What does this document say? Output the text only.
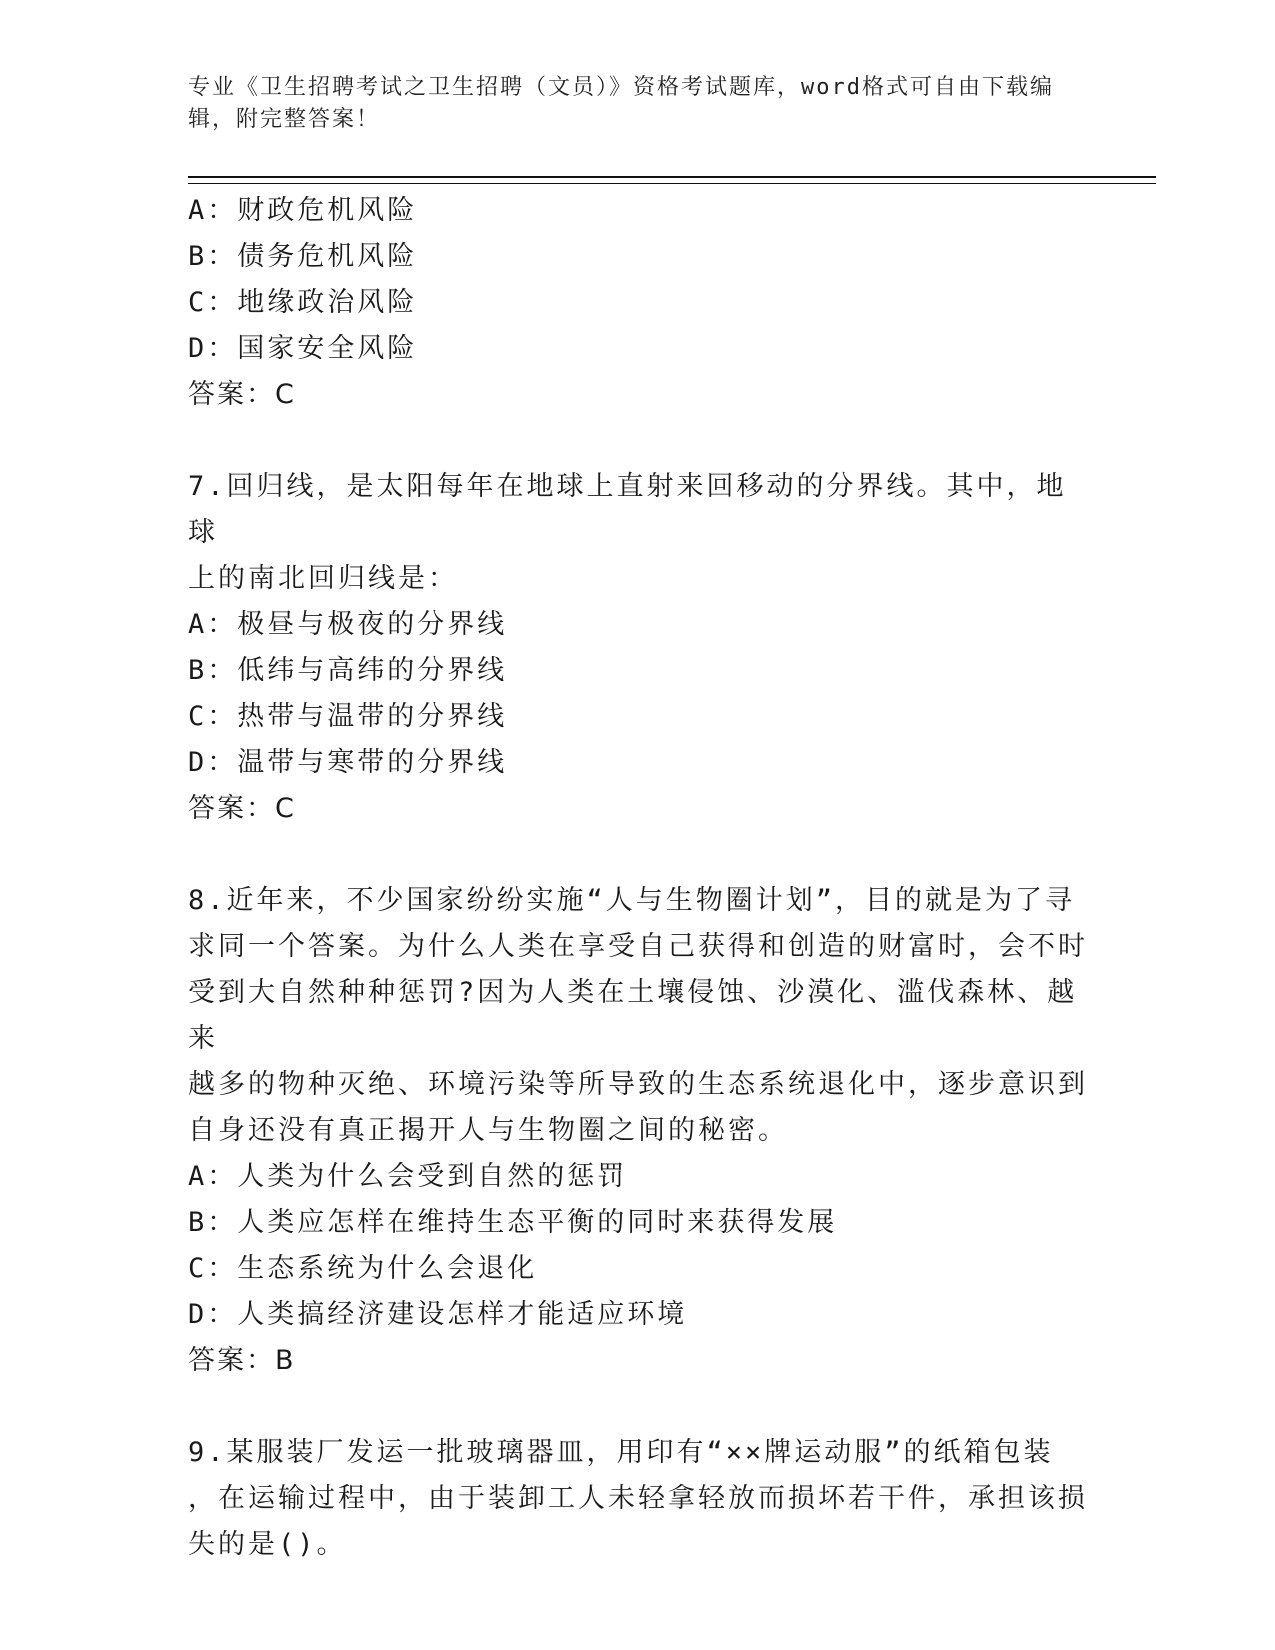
专业《卫生招聘考试之卫生招聘（文员）》资格考试题库，word格式可自由下载编辑，附完整答案！
A：财政危机风险
B：债务危机风险
C：地缘政治风险
D：国家安全风险
答案：C
7.回归线，是太阳每年在地球上直射来回移动的分界线。其中，地球
上的南北回归线是：
A：极昼与极夜的分界线
B：低纬与高纬的分界线
C：热带与温带的分界线
D：温带与寒带的分界线
答案：C
8.近年来，不少国家纷纷实施“人与生物圈计划”，目的就是为了寻
求同一个答案。为什么人类在享受自己获得和创造的财富时，会不时
受到大自然种种惩罚?因为人类在土壤侵蚀、沙漠化、滥伐森林、越来
越多的物种灭绝、环境污染等所导致的生态系统退化中，逐步意识到
自身还没有真正揭开人与生物圈之间的秘密。
A：人类为什么会受到自然的惩罚
B：人类应怎样在维持生态平衡的同时来获得发展
C：生态系统为什么会退化
D：人类搞经济建设怎样才能适应环境
答案：B
9.某服装厂发运一批玻璃器皿，用印有“××牌运动服”的纸箱包装
，在运输过程中，由于装卸工人未轻拿轻放而损坏若干件，承担该损
失的是()。
